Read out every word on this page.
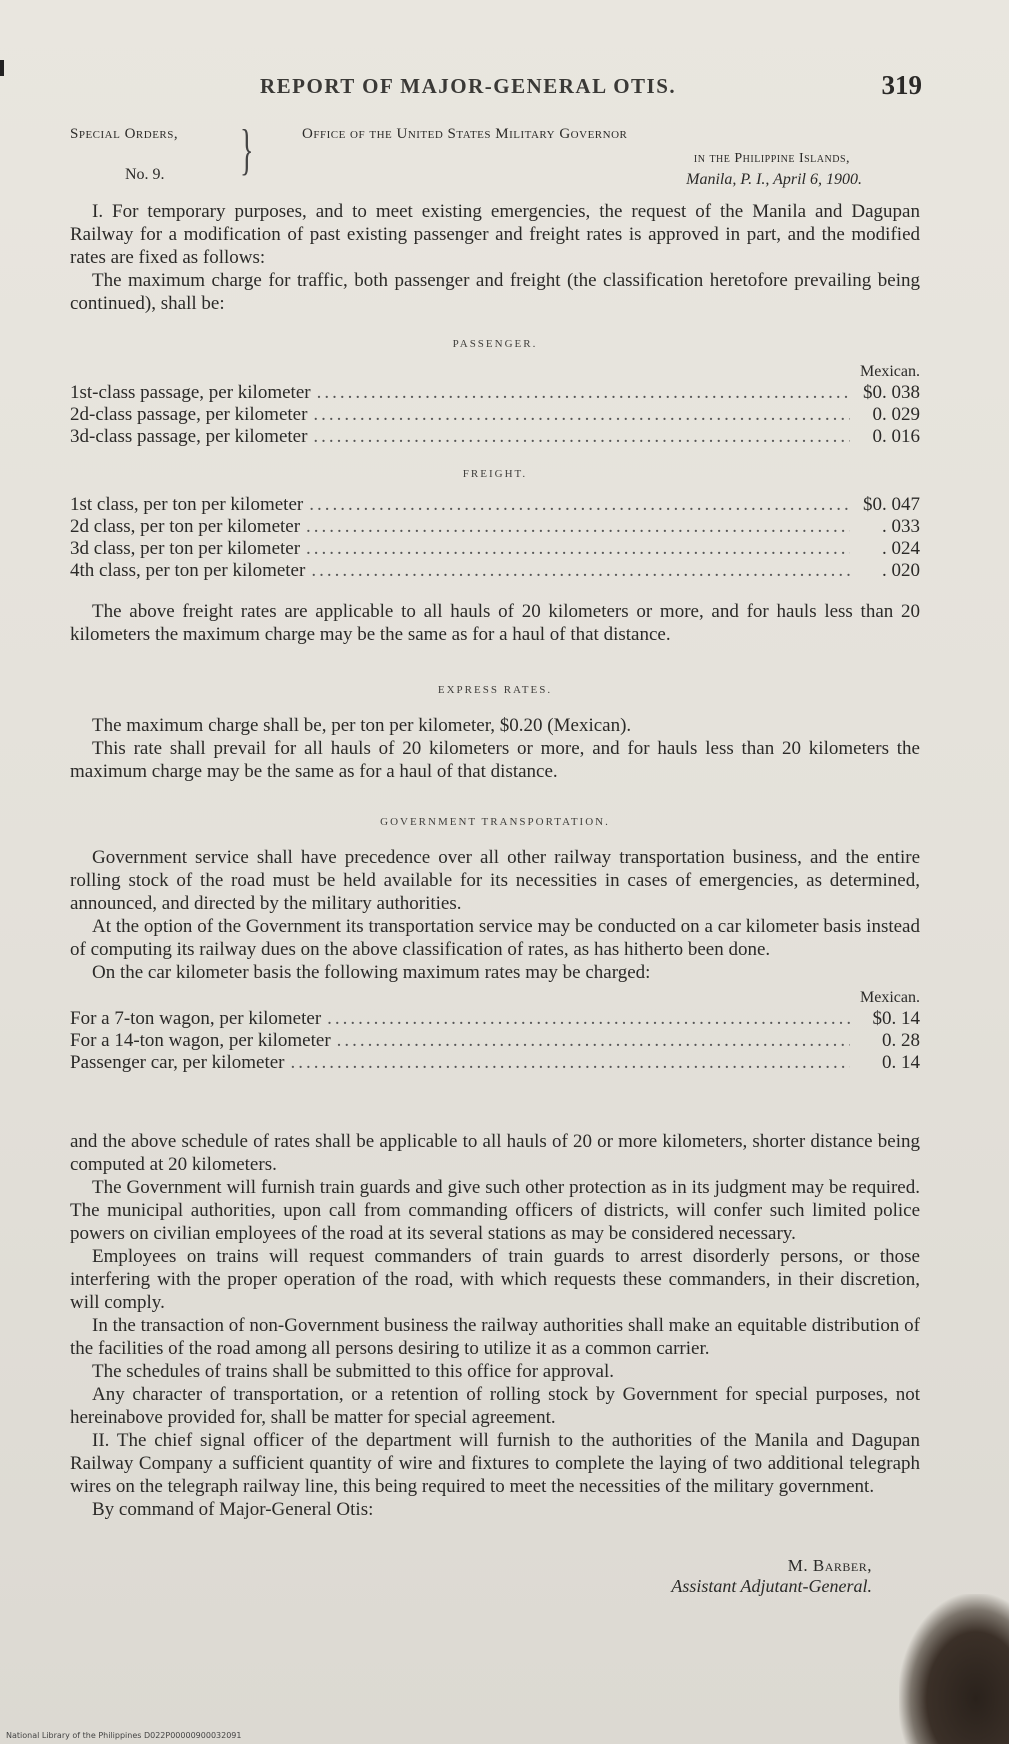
REPORT OF MAJOR-GENERAL OTIS.	319
Special Orders,
No. 9. }	Office of the United States Military Governor
in the Philippine Islands,
Manila, P. I., April 6, 1900.

I. For temporary purposes, and to meet existing emergencies, the request of the Manila and Dagupan Railway for a modification of past existing passenger and freight rates is approved in part, and the modified rates are fixed as follows:

The maximum charge for traffic, both passenger and freight (the classification heretofore prevailing being continued), shall be:

PASSENGER.
Mexican.
1st-class passage, per kilometer .....	$0. 038
2d-class passage, per kilometer .....	0. 029
3d-class passage, per kilometer .....	0. 016
FREIGHT.
1st class, per ton per kilometer .....	$0. 047
2d class, per ton per kilometer .....	. 033
3d class, per ton per kilometer .....	. 024
4th class, per ton per kilometer .....	. 020

The above freight rates are applicable to all hauls of 20 kilometers or more, and for hauls less than 20 kilometers the maximum charge may be the same as for a haul of that distance.

EXPRESS RATES.

The maximum charge shall be, per ton per kilometer, $0.20 (Mexican).

This rate shall prevail for all hauls of 20 kilometers or more, and for hauls less than 20 kilometers the maximum charge may be the same as for a haul of that distance.

GOVERNMENT TRANSPORTATION.

Government service shall have precedence over all other railway transportation business, and the entire rolling stock of the road must be held available for its necessities in cases of emergencies, as determined, announced, and directed by the military authorities.

At the option of the Government its transportation service may be conducted on a car kilometer basis instead of computing its railway dues on the above classification of rates, as has hitherto been done.

On the car kilometer basis the following maximum rates may be charged:

Mexican.
For a 7-ton wagon, per kilometer .....	$0. 14
For a 14-ton wagon, per kilometer .....	0. 28
Passenger car, per kilometer .....	0. 14

and the above schedule of rates shall be applicable to all hauls of 20 or more kilometers, shorter distance being computed at 20 kilometers.

The Government will furnish train guards and give such other protection as in its judgment may be required. The municipal authorities, upon call from commanding officers of districts, will confer such limited police powers on civilian employees of the road at its several stations as may be considered necessary.

Employees on trains will request commanders of train guards to arrest disorderly persons, or those interfering with the proper operation of the road, with which requests these commanders, in their discretion, will comply.

In the transaction of non-Government business the railway authorities shall make an equitable distribution of the facilities of the road among all persons desiring to utilize it as a common carrier.

The schedules of trains shall be submitted to this office for approval.

Any character of transportation, or a retention of rolling stock by Government for special purposes, not hereinabove provided for, shall be matter for special agreement.

II. The chief signal officer of the department will furnish to the authorities of the Manila and Dagupan Railway Company a sufficient quantity of wire and fixtures to complete the laying of two additional telegraph wires on the telegraph railway line, this being required to meet the necessities of the military government.

By command of Major-General Otis:

M. Barber,
Assistant Adjutant-General.
National Library of the Philippines D022P00000900032091
